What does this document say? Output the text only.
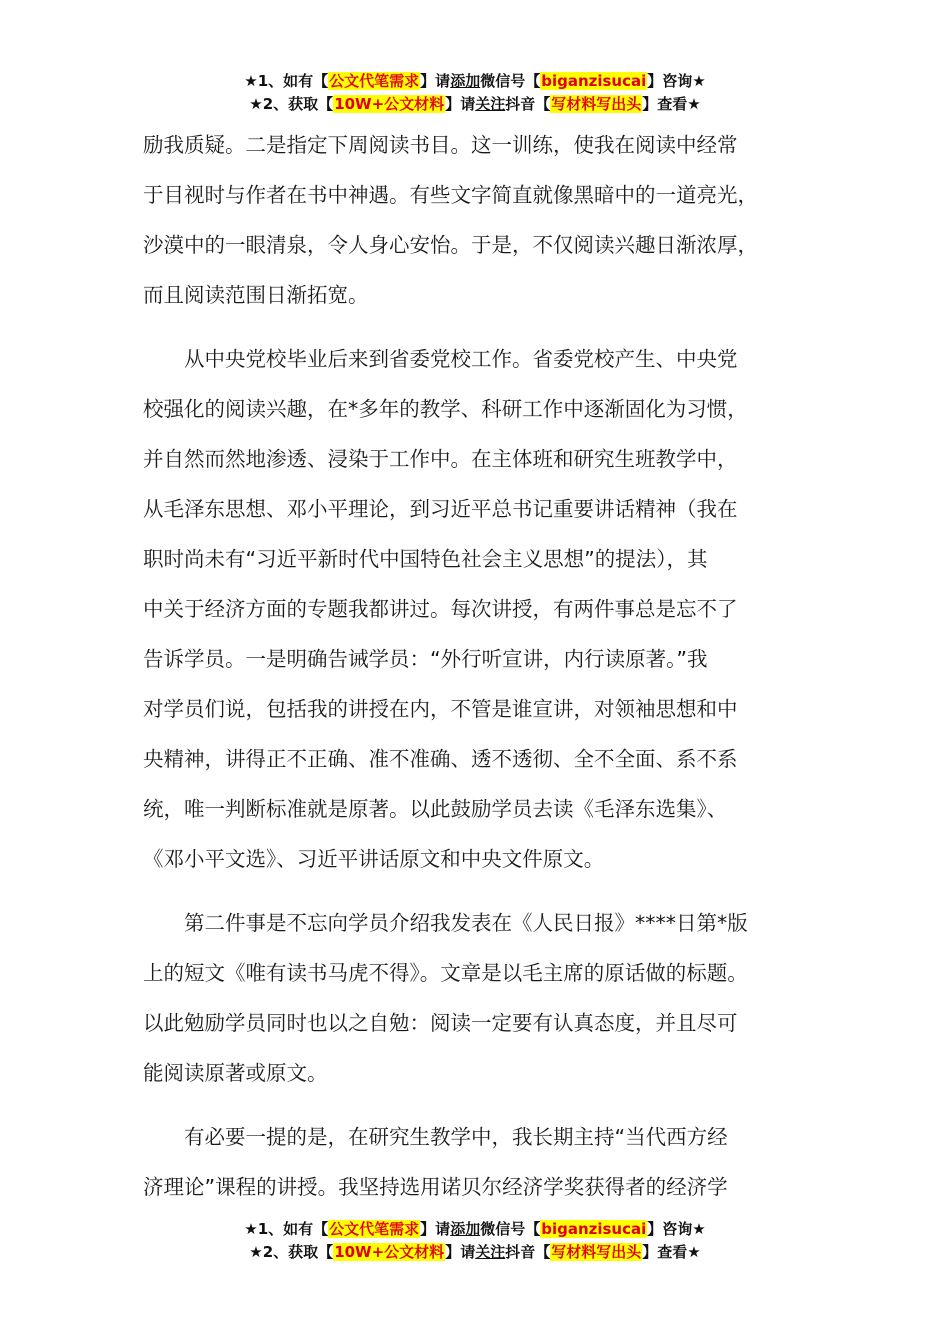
★1、如有【公文代笔需求】请添加微信号【biganzisucai】咨询★
★2、获取【10W+公文材料】请关注抖音【写材料写出头】查看★

励我质疑。二是指定下周阅读书目。这一训练，使我在阅读中经常
于目视时与作者在书中神遇。有些文字简直就像黑暗中的一道亮光，
沙漠中的一眼清泉，令人身心安怡。于是，不仅阅读兴趣日渐浓厚，
而且阅读范围日渐拓宽。

　　从中央党校毕业后来到省委党校工作。省委党校产生、中央党
校强化的阅读兴趣，在*多年的教学、科研工作中逐渐固化为习惯，
并自然而然地渗透、浸染于工作中。在主体班和研究生班教学中，
从毛泽东思想、邓小平理论，到习近平总书记重要讲话精神（我在
职时尚未有“习近平新时代中国特色社会主义思想”的提法），其
中关于经济方面的专题我都讲过。每次讲授，有两件事总是忘不了
告诉学员。一是明确告诫学员：“外行听宣讲，内行读原著。”我
对学员们说，包括我的讲授在内，不管是谁宣讲，对领袖思想和中
央精神，讲得正不正确、准不准确、透不透彻、全不全面、系不系
统，唯一判断标准就是原著。以此鼓励学员去读《毛泽东选集》、
《邓小平文选》、习近平讲话原文和中央文件原文。

　　第二件事是不忘向学员介绍我发表在《人民日报》****日第*版
上的短文《唯有读书马虎不得》。文章是以毛主席的原话做的标题。
以此勉励学员同时也以之自勉：阅读一定要有认真态度，并且尽可
能阅读原著或原文。

　　有必要一提的是，在研究生教学中，我长期主持“当代西方经
济理论”课程的讲授。我坚持选用诺贝尔经济学奖获得者的经济学

★1、如有【公文代笔需求】请添加微信号【biganzisucai】咨询★
★2、获取【10W+公文材料】请关注抖音【写材料写出头】查看★
